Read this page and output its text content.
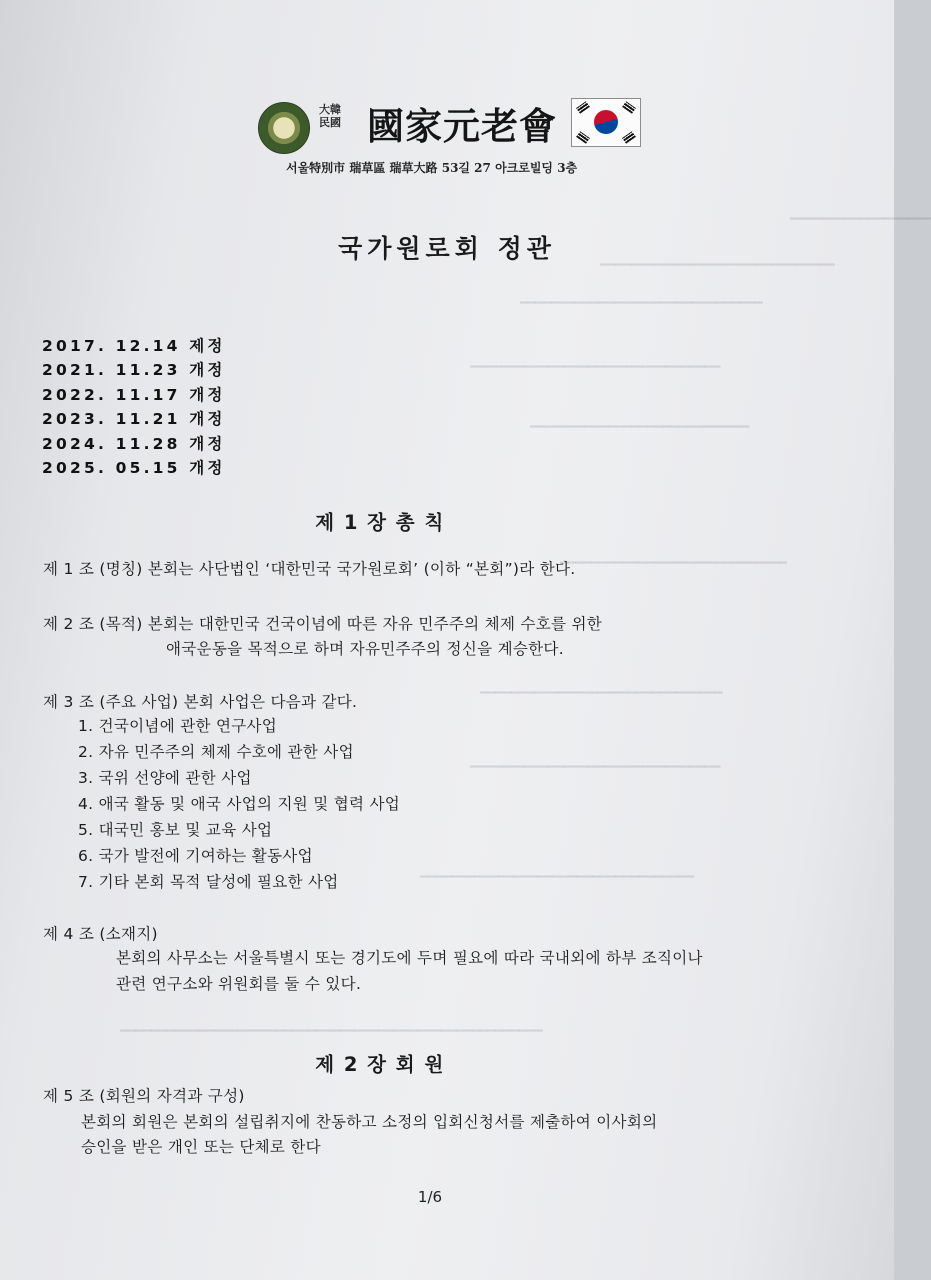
━━━━━━━━━━━━━━━━━━
━━━━━━━━━━━━━━━━━━━━━━━━━━━━━━
━━━━━━━━━━━━━━━━━━━━━━━━━━━━━━━
━━━━━━━━━━━━━━━━━━━━━━━━━━━━━━━━
━━━━━━━━━━━━━━━━━━━━━━━━━━━━
━━━━━━━━━━━━━━━━━━━━━━━━━━━━━
━━━━━━━━━━━━━━━━━━━━━━━━━━━━━━━
━━━━━━━━━━━━━━━━━━━━━━━━━━━━━━━━
━━━━━━━━━━━━━━━━━━━━━━━━━━━━━━━━━━━
━━━━━━━━━━━━━━━━━━━━━━━━━━━━━━━━━━━━━━━━━━━━━━━━━━━━━━
大韓
民國 國家元老會
서울特別市 瑞草區 瑞草大路 53길 27 아크로빌딩 3층
국가원로회 정관
2017. 12.14 제정
2021. 11.23 개정
2022. 11.17 개정
2023. 11.21 개정
2024. 11.28 개정
2025. 05.15 개정
제 1 장 총 칙
제 1 조 (명칭) 본회는 사단법인 ‘대한민국 국가원로회’ (이하 “본회”)라 한다.
제 2 조 (목적) 본회는 대한민국 건국이념에 따른 자유 민주주의 체제 수호를 위한
애국운동을 목적으로 하며 자유민주주의 정신을 계승한다.
제 3 조 (주요 사업) 본회 사업은 다음과 같다.
1. 건국이념에 관한 연구사업
2. 자유 민주주의 체제 수호에 관한 사업
3. 국위 선양에 관한 사업
4. 애국 활동 및 애국 사업의 지원 및 협력 사업
5. 대국민 홍보 및 교육 사업
6. 국가 발전에 기여하는 활동사업
7. 기타 본회 목적 달성에 필요한 사업
제 4 조 (소재지)
본회의 사무소는 서울특별시 또는 경기도에 두며 필요에 따라 국내외에 하부 조직이나
관련 연구소와 위원회를 둘 수 있다.
제 2 장 회 원
제 5 조 (회원의 자격과 구성)
본회의 회원은 본회의 설립취지에 찬동하고 소정의 입회신청서를 제출하여 이사회의
승인을 받은 개인 또는 단체로 한다
1/6
